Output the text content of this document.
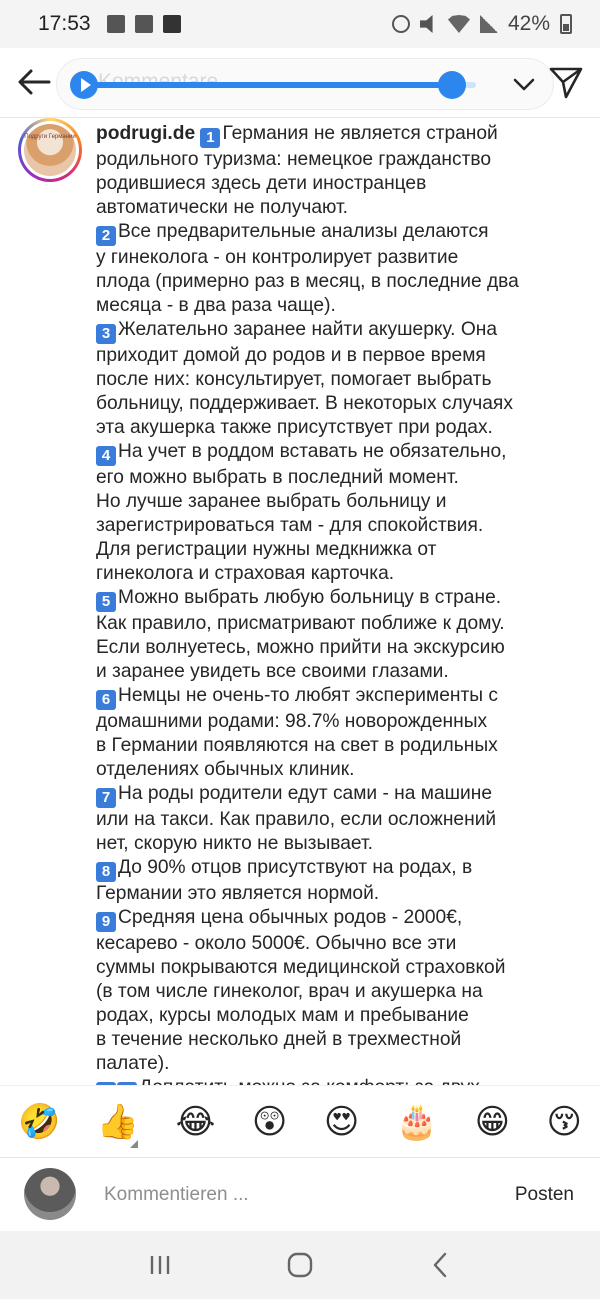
17:53	42%
Подруги Германии podrugi.de 1 Германия не является страной
родильного туризма: немецкое гражданство
родившиеся здесь дети иностранцев
автоматически не получают.
2 Все предварительные анализы делаются
у гинеколога - он контролирует развитие
плода (примерно раз в месяц, в последние два
месяца - в два раза чаще).
3 Желательно заранее найти акушерку. Она
приходит домой до родов и в первое время
после них: консультирует, помогает выбрать
больницу, поддерживает. В некоторых случаях
эта акушерка также присутствует при родах.
4 На учет в роддом вставать не обязательно,
его можно выбрать в последний момент.
Но лучше заранее выбрать больницу и
зарегистрироваться там - для спокойствия.
Для регистрации нужны медкнижка от
гинеколога и страховая карточка.
5 Можно выбрать любую больницу в стране.
Как правило, присматривают поближе к дому.
Если волнуетесь, можно прийти на экскурсию
и заранее увидеть все своими глазами.
6 Немцы не очень-то любят эксперименты с
домашними родами: 98.7% новорожденных
в Германии появляются на свет в родильных
отделениях обычных клиник.
7 На роды родители едут сами - на машине
или на такси. Как правило, если осложнений
нет, скорую никто не вызывает.
8 До 90% отцов присутствуют на родах, в
Германии это является нормой.
9 Средняя цена обычных родов - 2000€,
кесарево - около 5000€. Обычно все эти
суммы покрываются медицинской страховкой
(в том числе гинеколог, врач и акушерка на
родах, курсы молодых мам и пребывание
в течение несколько дней в трехместной
палате).
🤣 👍 😂 😲 😍 🎂 😁 😚
Kommentieren ...	Posten
